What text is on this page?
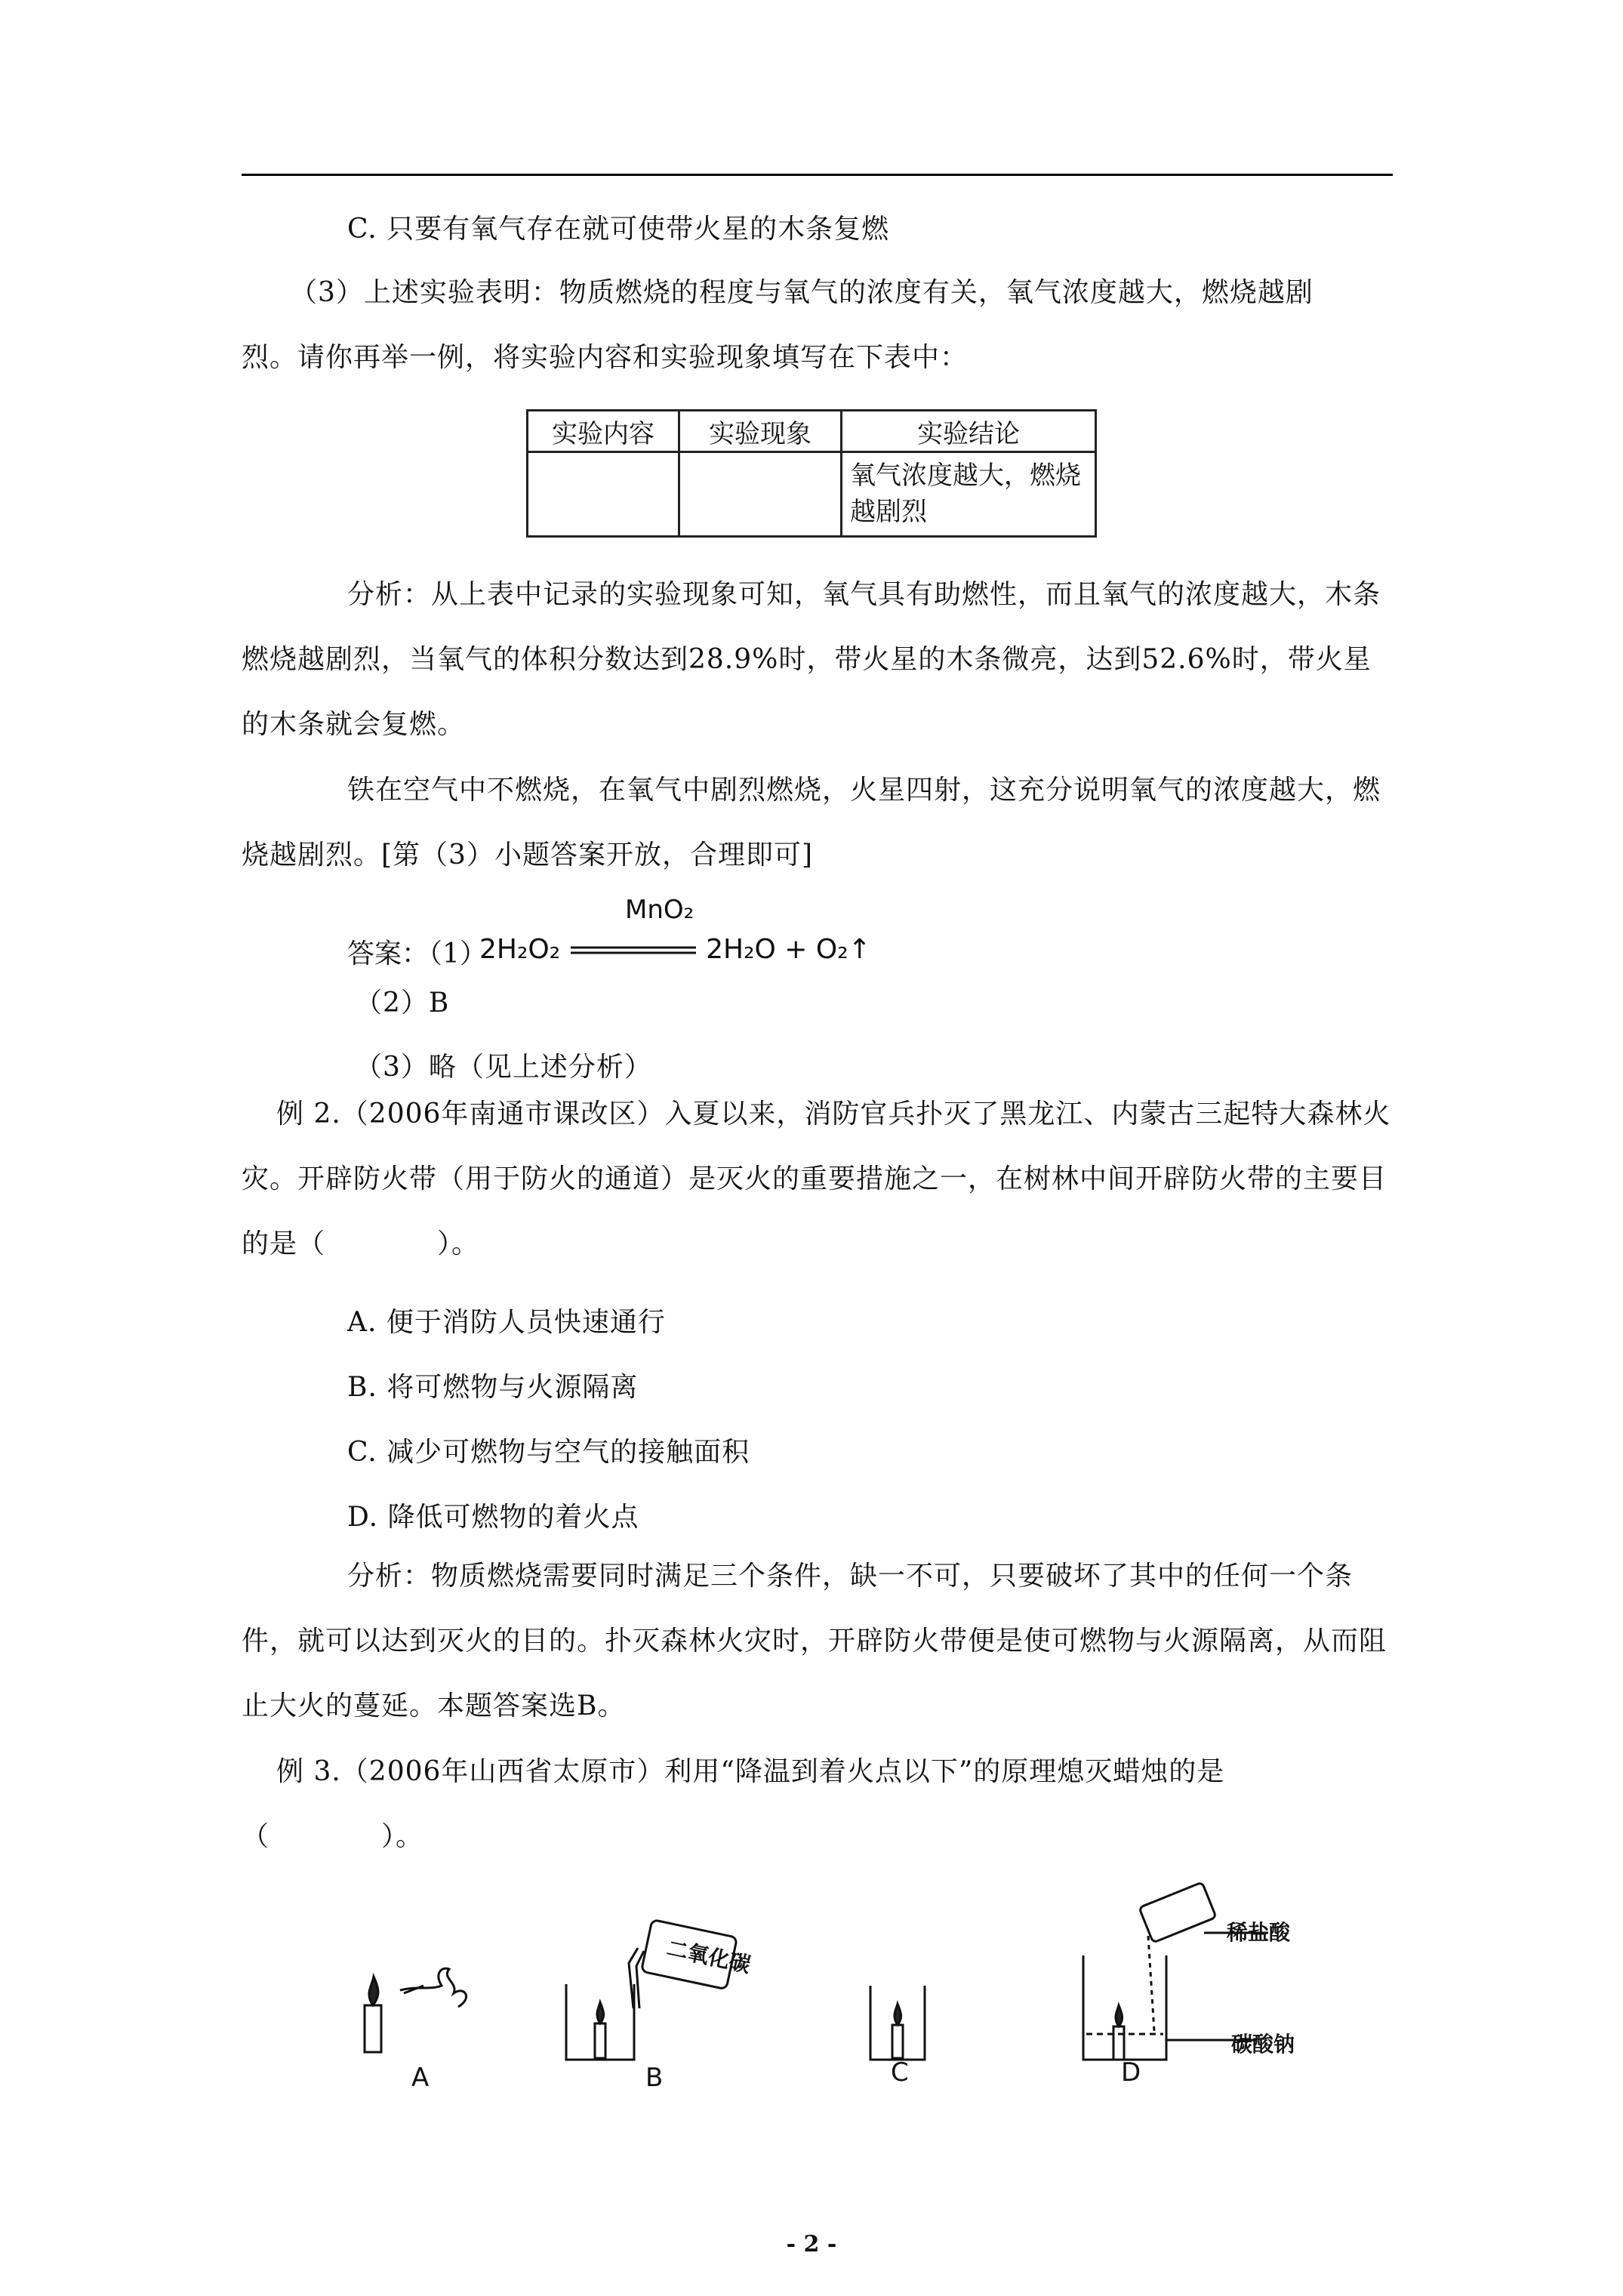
C. 只要有氧气存在就可使带火星的木条复燃
（3）上述实验表明：物质燃烧的程度与氧气的浓度有关，氧气浓度越大，燃烧越剧烈。请你再举一例，将实验内容和实验现象填写在下表中：
实验内容	实验现象	实验结论
		氧气浓度越大，燃烧越剧烈
分析：从上表中记录的实验现象可知，氧气具有助燃性，而且氧气的浓度越大，木条燃烧越剧烈，当氧气的体积分数达到28.9%时，带火星的木条微亮，达到52.6%时，带火星的木条就会复燃。
铁在空气中不燃烧，在氧气中剧烈燃烧，火星四射，这充分说明氧气的浓度越大，燃烧越剧烈。[第（3）小题答案开放，合理即可]
答案：（1）
MnO₂
2H₂O₂	2H₂O + O₂↑
（2）B
（3）略（见上述分析）
例 2.（2006年南通市课改区）入夏以来，消防官兵扑灭了黑龙江、内蒙古三起特大森林火灾。开辟防火带（用于防火的通道）是灭火的重要措施之一，在树林中间开辟防火带的主要目的是（　　　　）。
A. 便于消防人员快速通行
B. 将可燃物与火源隔离
C. 减少可燃物与空气的接触面积
D. 降低可燃物的着火点
分析：物质燃烧需要同时满足三个条件，缺一不可，只要破坏了其中的任何一个条件，就可以达到灭火的目的。扑灭森林火灾时，开辟防火带便是使可燃物与火源隔离，从而阻止大火的蔓延。本题答案选B。
例 3.（2006年山西省太原市）利用“降温到着火点以下”的原理熄灭蜡烛的是（　　　　）。
二氧化碳
稀盐酸
碳酸钠
A	B	C	D
- 2 -
